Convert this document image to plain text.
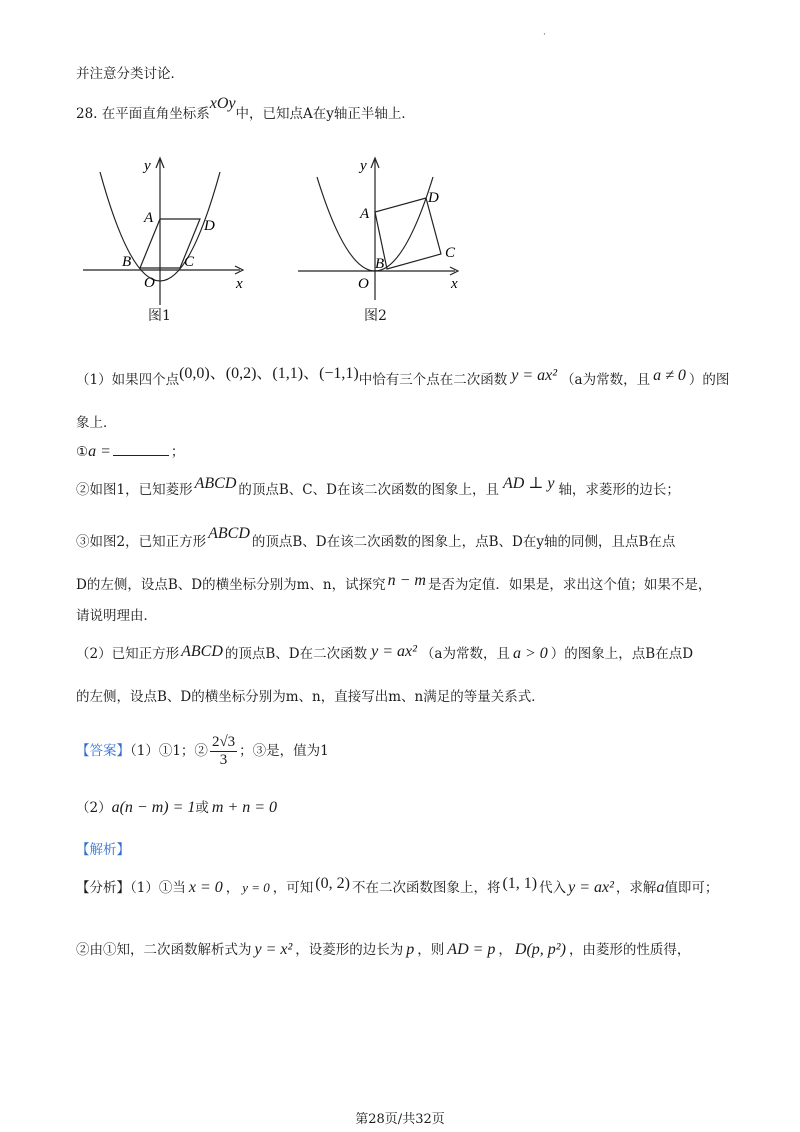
·
并注意分类讨论．
28. 在平面直角坐标系xOy中，已知点A在y轴正半轴上．
y
x
A	D
B	C
O
图1
y
x
A
D
B
C
O
图2
（1）如果四个点(0,0)、(0,2)、(1,1)、(−1,1)中恰有三个点在二次函数 y = ax² （a为常数，且 a ≠ 0 ）的图
象上．
①a =	；
②如图1，已知菱形 ABCD 的顶点B、C、D在该二次函数的图象上，且 AD ⊥ y 轴，求菱形的边长；
③如图2，已知正方形 ABCD 的顶点B、D在该二次函数的图象上，点B、D在y轴的同侧，且点B在点
D的左侧，设点B、D的横坐标分别为m、n，试探究 n − m 是否为定值．如果是，求出这个值；如果不是，
请说明理由．
（2）已知正方形 ABCD 的顶点B、D在二次函数 y = ax² （a为常数，且 a > 0 ）的图象上，点B在点D
的左侧，设点B、D的横坐标分别为m、n，直接写出m、n满足的等量关系式．
【答案】（1）①1；② $\frac{2√3}{3}$ ；③是，值为1
（2）a(n − m) = 1或 m + n = 0
【解析】
【分析】（1）①当 x = 0 ， y = 0 ，可知 (0, 2) 不在二次函数图象上，将 (1, 1) 代入 y = ax² ，求解a值即可；
②由①知，二次函数解析式为 y = x² ，设菱形的边长为 p ，则 AD = p ， D(p, p²) ，由菱形的性质得，
第28页/共32页
